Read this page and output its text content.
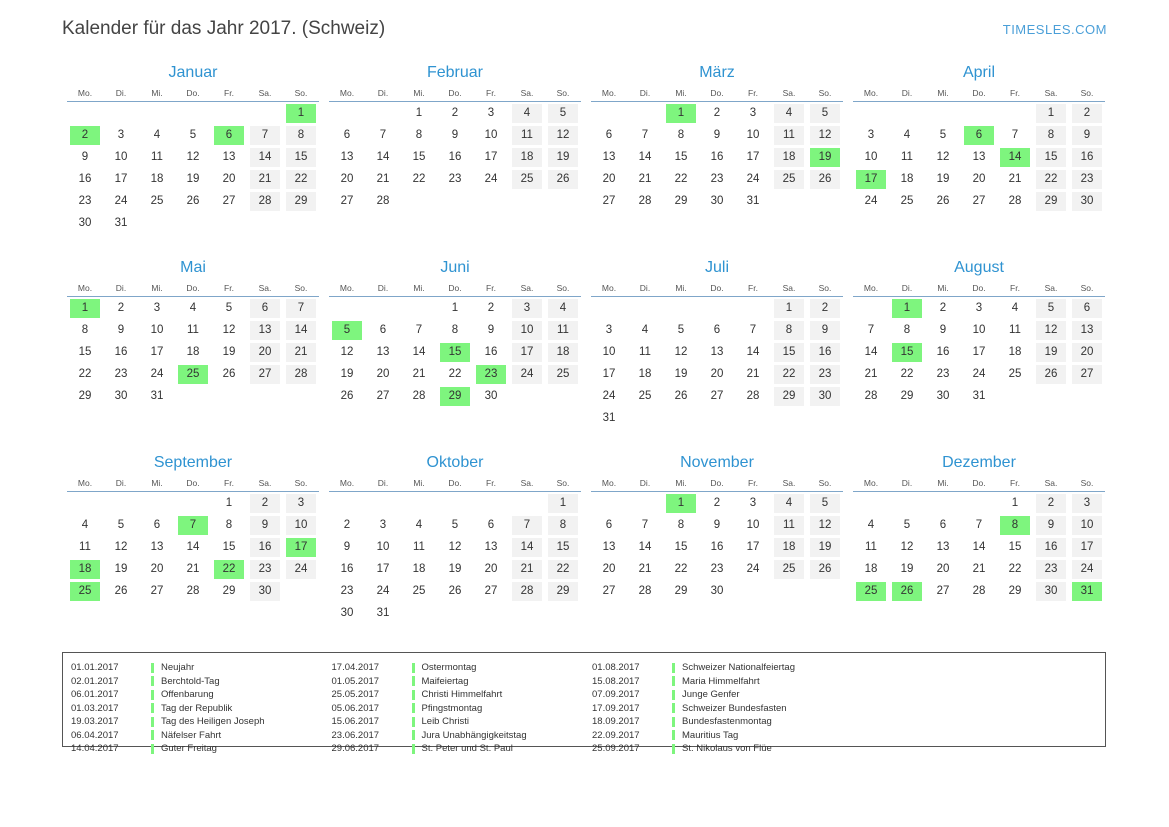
Kalender für das Jahr 2017. (Schweiz)	TIMESLES.COM
Januar
Mo.	Di.	Mi.	Do.	Fr.	Sa.	So.

						1

2	3	4	5	6	7	8

9	10	11	12	13	14	15

16	17	18	19	20	21	22

23	24	25	26	27	28	29

30	31					

Februar
Mo.	Di.	Mi.	Do.	Fr.	Sa.	So.

		1	2	3	4	5

6	7	8	9	10	11	12

13	14	15	16	17	18	19

20	21	22	23	24	25	26

27	28					

März
Mo.	Di.	Mi.	Do.	Fr.	Sa.	So.

		1	2	3	4	5

6	7	8	9	10	11	12

13	14	15	16	17	18	19

20	21	22	23	24	25	26

27	28	29	30	31		

April
Mo.	Di.	Mi.	Do.	Fr.	Sa.	So.

					1	2

3	4	5	6	7	8	9

10	11	12	13	14	15	16

17	18	19	20	21	22	23

24	25	26	27	28	29	30
Mai
Mo.	Di.	Mi.	Do.	Fr.	Sa.	So.

1	2	3	4	5	6	7

8	9	10	11	12	13	14

15	16	17	18	19	20	21

22	23	24	25	26	27	28

29	30	31				

Juni
Mo.	Di.	Mi.	Do.	Fr.	Sa.	So.

			1	2	3	4

5	6	7	8	9	10	11

12	13	14	15	16	17	18

19	20	21	22	23	24	25

26	27	28	29	30		

Juli
Mo.	Di.	Mi.	Do.	Fr.	Sa.	So.

					1	2

3	4	5	6	7	8	9

10	11	12	13	14	15	16

17	18	19	20	21	22	23

24	25	26	27	28	29	30

31						

August
Mo.	Di.	Mi.	Do.	Fr.	Sa.	So.

	1	2	3	4	5	6

7	8	9	10	11	12	13

14	15	16	17	18	19	20

21	22	23	24	25	26	27

28	29	30	31			

September
Mo.	Di.	Mi.	Do.	Fr.	Sa.	So.

				1	2	3

4	5	6	7	8	9	10

11	12	13	14	15	16	17

18	19	20	21	22	23	24

25	26	27	28	29	30	

Oktober
Mo.	Di.	Mi.	Do.	Fr.	Sa.	So.

						1

2	3	4	5	6	7	8

9	10	11	12	13	14	15

16	17	18	19	20	21	22

23	24	25	26	27	28	29

30	31					

November
Mo.	Di.	Mi.	Do.	Fr.	Sa.	So.

		1	2	3	4	5

6	7	8	9	10	11	12

13	14	15	16	17	18	19

20	21	22	23	24	25	26

27	28	29	30			

Dezember
Mo.	Di.	Mi.	Do.	Fr.	Sa.	So.

				1	2	3

4	5	6	7	8	9	10

11	12	13	14	15	16	17

18	19	20	21	22	23	24

25	26	27	28	29	30	31
01.01.2017	Neujahr
02.01.2017	Berchtold-Tag
06.01.2017	Offenbarung
01.03.2017	Tag der Republik
19.03.2017	Tag des Heiligen Joseph
06.04.2017	Näfelser Fahrt
14.04.2017	Guter Freitag
17.04.2017	Ostermontag
01.05.2017	Maifeiertag
25.05.2017	Christi Himmelfahrt
05.06.2017	Pfingstmontag
15.06.2017	Leib Christi
23.06.2017	Jura Unabhängigkeitstag
29.06.2017	St. Peter und St. Paul
01.08.2017	Schweizer Nationalfeiertag
15.08.2017	Maria Himmelfahrt
07.09.2017	Junge Genfer
17.09.2017	Schweizer Bundesfasten
18.09.2017	Bundesfastenmontag
22.09.2017	Mauritius Tag
25.09.2017	St. Nikolaus von Flüe
